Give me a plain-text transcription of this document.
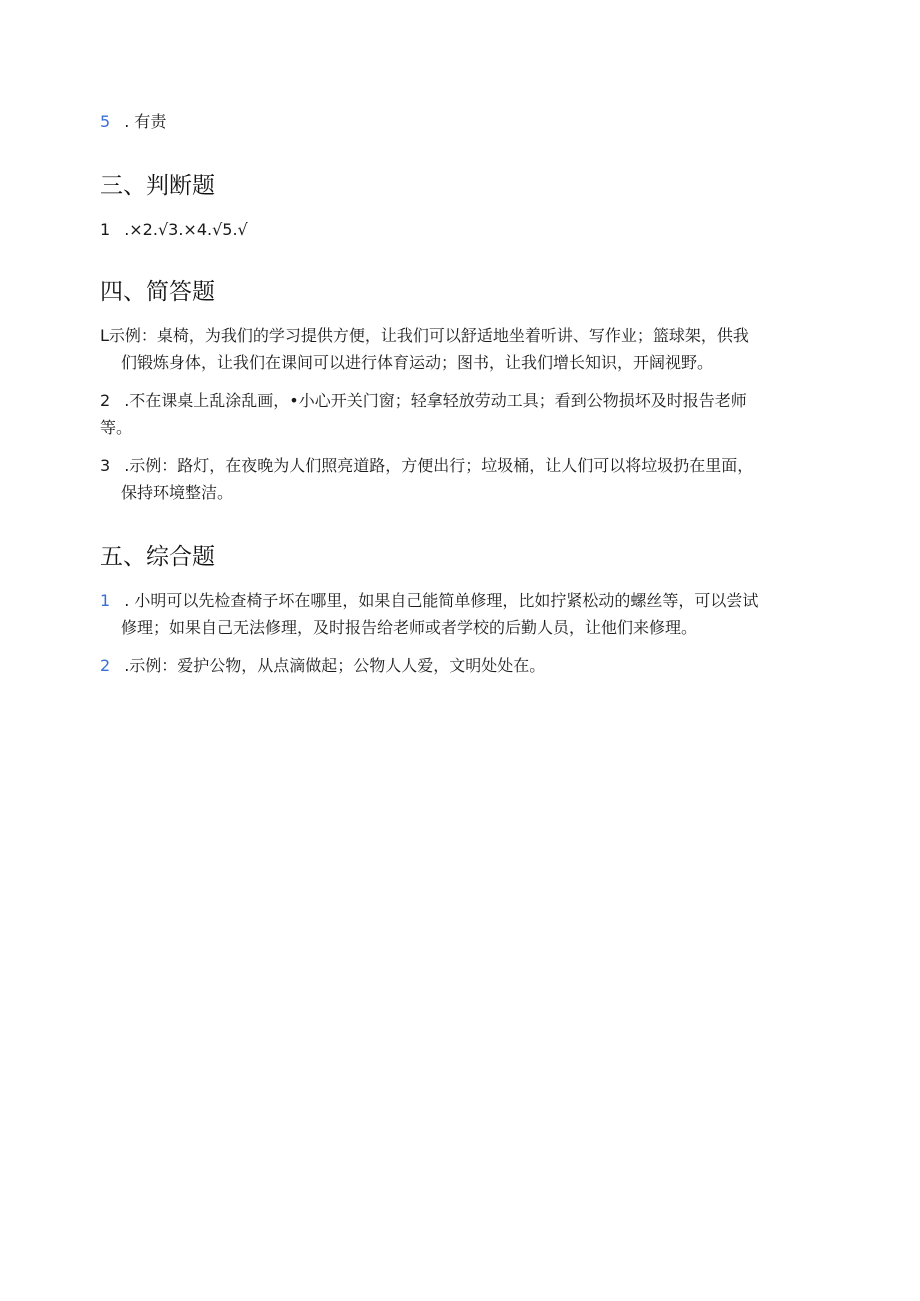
5 . 有责
三、判断题
1 .×2.√3.×4.√5.√
四、简答题
L示例：桌椅，为我们的学习提供方便，让我们可以舒适地坐着听讲、写作业；篮球架，供我
们锻炼身体，让我们在课间可以进行体育运动；图书，让我们增长知识，开阔视野。
2 .不在课桌上乱涂乱画，•小心开关门窗；轻拿轻放劳动工具；看到公物损坏及时报告老师
等。
3 .示例：路灯，在夜晚为人们照亮道路，方便出行；垃圾桶，让人们可以将垃圾扔在里面，
保持环境整洁。
五、综合题
1 . 小明可以先检查椅子坏在哪里，如果自己能简单修理，比如拧紧松动的螺丝等，可以尝试
修理；如果自己无法修理，及时报告给老师或者学校的后勤人员，让他们来修理。
2 .示例：爱护公物，从点滴做起；公物人人爱，文明处处在。
